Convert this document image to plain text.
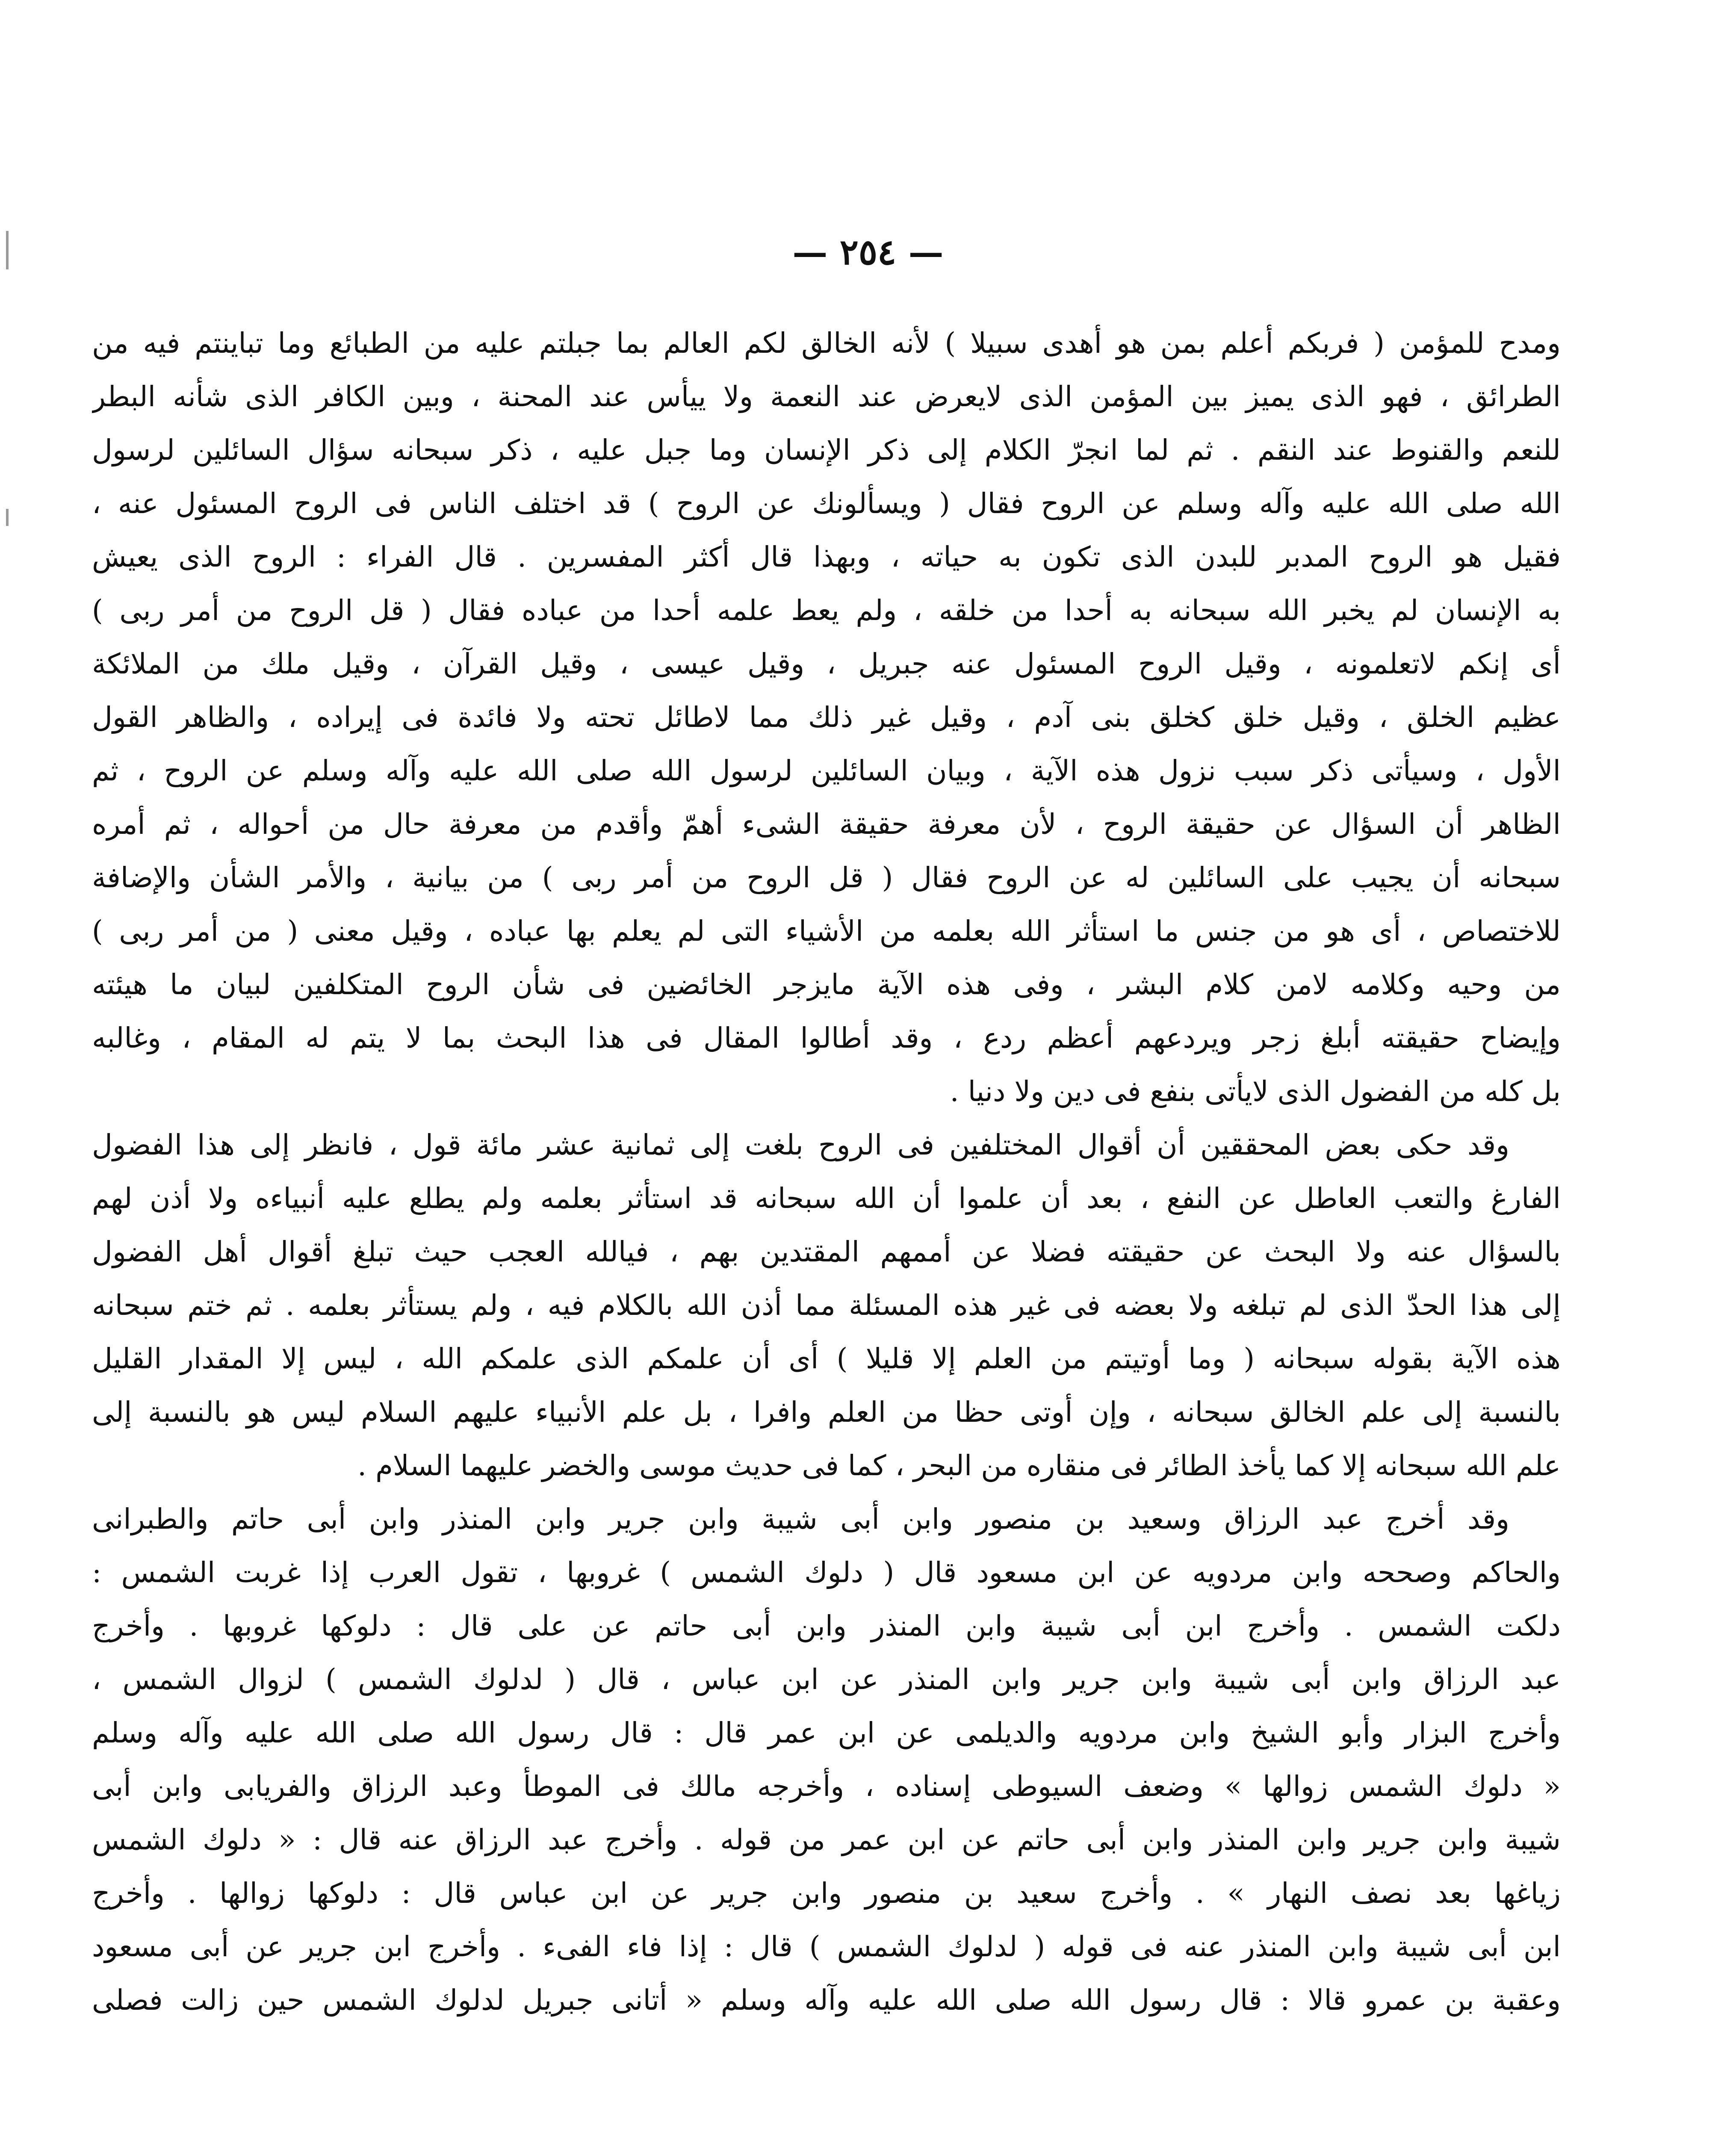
— ٢٥٤ —
ومدح للمؤمن ( فربكم أعلم بمن هو أهدى سبيلا ) لأنه الخالق لكم العالم بما جبلتم عليه من الطبائع وما تباينتم فيه من
الطرائق ، فهو الذى يميز بين المؤمن الذى لايعرض عند النعمة ولا ييأس عند المحنة ، وبين الكافر الذى شأنه البطر
للنعم والقنوط عند النقم . ثم لما انجرّ الكلام إلى ذكر الإنسان وما جبل عليه ، ذكر سبحانه سؤال السائلين لرسول
الله صلى الله عليه وآله وسلم عن الروح فقال ( ويسألونك عن الروح ) قد اختلف الناس فى الروح المسئول عنه ،
فقيل هو الروح المدبر للبدن الذى تكون به حياته ، وبهذا قال أكثر المفسرين . قال الفراء : الروح الذى يعيش
به الإنسان لم يخبر الله سبحانه به أحدا من خلقه ، ولم يعط علمه أحدا من عباده فقال ( قل الروح من أمر ربى )
أى إنكم لاتعلمونه ، وقيل الروح المسئول عنه جبريل ، وقيل عيسى ، وقيل القرآن ، وقيل ملك من الملائكة
عظيم الخلق ، وقيل خلق كخلق بنى آدم ، وقيل غير ذلك مما لاطائل تحته ولا فائدة فى إيراده ، والظاهر القول
الأول ، وسيأتى ذكر سبب نزول هذه الآية ، وبيان السائلين لرسول الله صلى الله عليه وآله وسلم عن الروح ، ثم
الظاهر أن السؤال عن حقيقة الروح ، لأن معرفة حقيقة الشىء أهمّ وأقدم من معرفة حال من أحواله ، ثم أمره
سبحانه أن يجيب على السائلين له عن الروح فقال ( قل الروح من أمر ربى ) من بيانية ، والأمر الشأن والإضافة
للاختصاص ، أى هو من جنس ما استأثر الله بعلمه من الأشياء التى لم يعلم بها عباده ، وقيل معنى ( من أمر ربى )
من وحيه وكلامه لامن كلام البشر ، وفى هذه الآية مايزجر الخائضين فى شأن الروح المتكلفين لبيان ما هيئته
وإيضاح حقيقته أبلغ زجر ويردعهم أعظم ردع ، وقد أطالوا المقال فى هذا البحث بما لا يتم له المقام ، وغالبه
بل كله من الفضول الذى لايأتى بنفع فى دين ولا دنيا .
وقد حكى بعض المحققين أن أقوال المختلفين فى الروح بلغت إلى ثمانية عشر مائة قول ، فانظر إلى هذا الفضول
الفارغ والتعب العاطل عن النفع ، بعد أن علموا أن الله سبحانه قد استأثر بعلمه ولم يطلع عليه أنبياءه ولا أذن لهم
بالسؤال عنه ولا البحث عن حقيقته فضلا عن أممهم المقتدين بهم ، فيالله العجب حيث تبلغ أقوال أهل الفضول
إلى هذا الحدّ الذى لم تبلغه ولا بعضه فى غير هذه المسئلة مما أذن الله بالكلام فيه ، ولم يستأثر بعلمه . ثم ختم سبحانه
هذه الآية بقوله سبحانه ( وما أوتيتم من العلم إلا قليلا ) أى أن علمكم الذى علمكم الله ، ليس إلا المقدار القليل
بالنسبة إلى علم الخالق سبحانه ، وإن أوتى حظا من العلم وافرا ، بل علم الأنبياء عليهم السلام ليس هو بالنسبة إلى
علم الله سبحانه إلا كما يأخذ الطائر فى منقاره من البحر ، كما فى حديث موسى والخضر عليهما السلام .
وقد أخرج عبد الرزاق وسعيد بن منصور وابن أبى شيبة وابن جرير وابن المنذر وابن أبى حاتم والطبرانى
والحاكم وصححه وابن مردويه عن ابن مسعود قال ( دلوك الشمس ) غروبها ، تقول العرب إذا غربت الشمس :
دلكت الشمس . وأخرج ابن أبى شيبة وابن المنذر وابن أبى حاتم عن على قال : دلوكها غروبها . وأخرج
عبد الرزاق وابن أبى شيبة وابن جرير وابن المنذر عن ابن عباس ، قال ( لدلوك الشمس ) لزوال الشمس ،
وأخرج البزار وأبو الشيخ وابن مردويه والديلمى عن ابن عمر قال : قال رسول الله صلى الله عليه وآله وسلم
« دلوك الشمس زوالها » وضعف السيوطى إسناده ، وأخرجه مالك فى الموطأ وعبد الرزاق والفريابى وابن أبى
شيبة وابن جرير وابن المنذر وابن أبى حاتم عن ابن عمر من قوله . وأخرج عبد الرزاق عنه قال : « دلوك الشمس
زياغها بعد نصف النهار » . وأخرج سعيد بن منصور وابن جرير عن ابن عباس قال : دلوكها زوالها . وأخرج
ابن أبى شيبة وابن المنذر عنه فى قوله ( لدلوك الشمس ) قال : إذا فاء الفىء . وأخرج ابن جرير عن أبى مسعود
وعقبة بن عمرو قالا : قال رسول الله صلى الله عليه وآله وسلم « أتانى جبريل لدلوك الشمس حين زالت فصلى
